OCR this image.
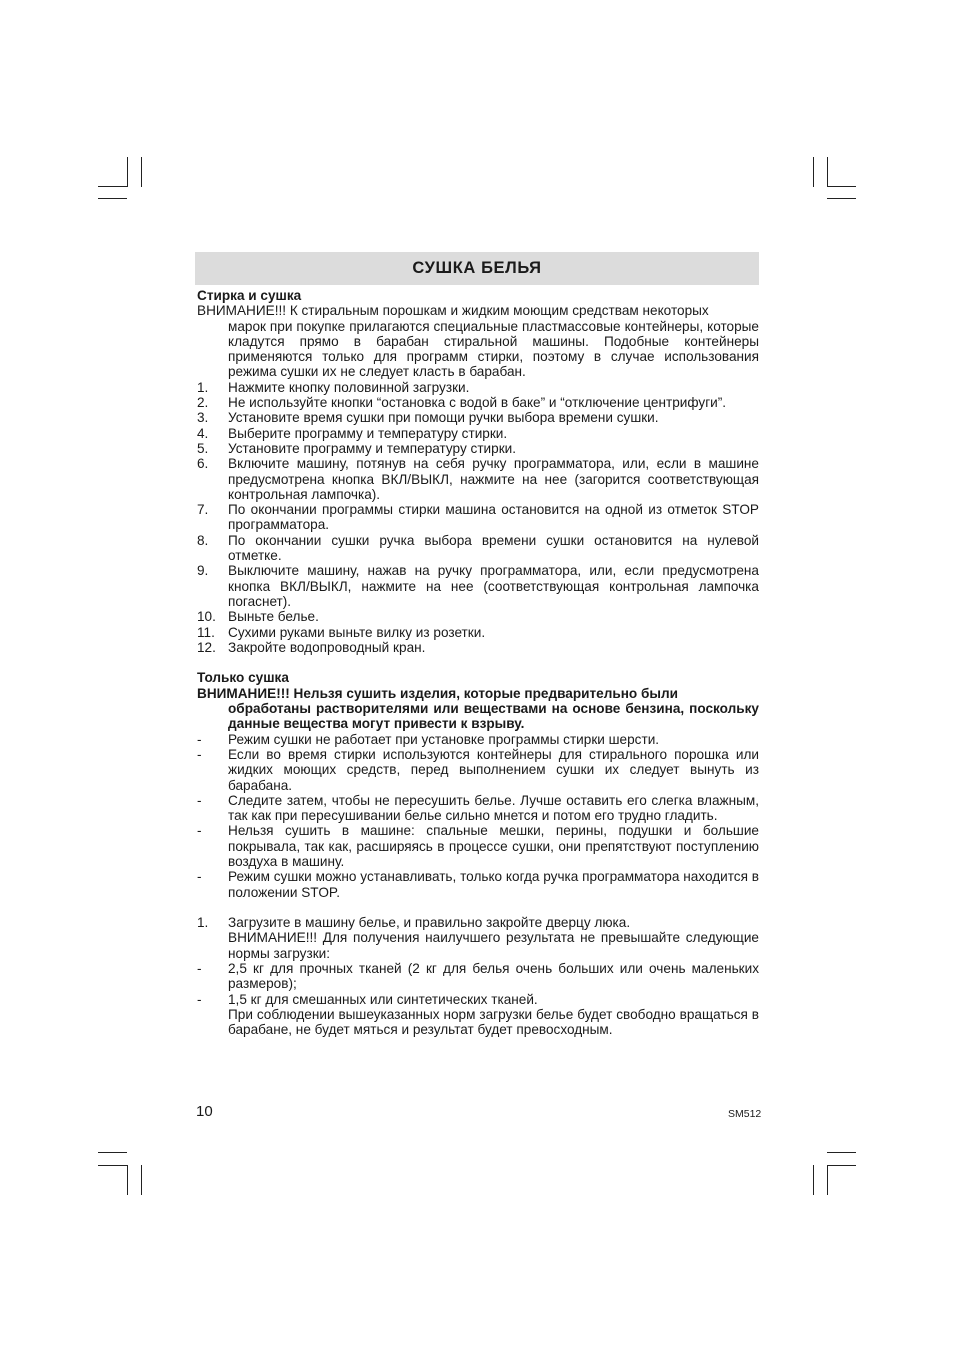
СУШКА БЕЛЬЯ
Стирка и сушка
ВНИМАНИЕ!!! К стиральным порошкам и жидким моющим средствам некоторых
марок при покупке прилагаются специальные пластмассовые контейнеры, которые кладутся прямо в барабан стиральной машины. Подобные контейнеры применяются только для программ стирки, поэтому в случае использования режима сушки их не следует класть в барабан.
1.	Нажмите кнопку половинной загрузки.
2.	Не используйте кнопки “остановка с водой в баке” и “отключение центрифуги”.
3.	Установите время сушки при помощи ручки выбора времени сушки.
4.	Выберите программу и температуру стирки.
5.	Установите программу и температуру стирки.
6.	Включите машину, потянув на себя ручку программатора, или, если в машине предусмотрена кнопка ВКЛ/ВЫКЛ, нажмите на нее (загорится соответствующая контрольная лампочка).
7.	По окончании программы стирки машина остановится на одной из отметок STOP программатора.
8.	По окончании сушки ручка выбора времени сушки остановится на нулевой отметке.
9.	Выключите машину, нажав на ручку программатора, или, если предусмотрена кнопка ВКЛ/ВЫКЛ, нажмите на нее (соответствующая контрольная лампочка погаснет).
10. Выньте белье.
11. Сухими руками выньте вилку из розетки.
12. Закройте водопроводный кран.
Только сушка
ВНИМАНИЕ!!! Нельзя сушить изделия, которые предварительно были
обработаны растворителями или веществами на основе бензина, поскольку данные вещества могут привести к взрыву.
-	Режим сушки не работает при установке программы стирки шерсти.
-	Если во время стирки используются контейнеры для стирального порошка или жидких моющих средств, перед выполнением сушки их следует вынуть из барабана.
-	Следите затем, чтобы не пересушить белье. Лучше оставить его слегка влажным, так как при пересушивании белье сильно мнется и потом его трудно гладить.
-	Нельзя сушить в машине: спальные мешки, перины, подушки и большие покрывала, так как, расширяясь в процессе сушки, они препятствуют поступлению воздуха в машину.
-	Режим сушки можно устанавливать, только когда ручка программатора находится в положении STOP.
1.	Загрузите в машину белье, и правильно закройте дверцу люка.
ВНИМАНИЕ!!! Для получения наилучшего результата не превышайте следующие нормы загрузки:
-	2,5 кг для прочных тканей (2 кг для белья очень больших или очень маленьких размеров);
-	1,5 кг для смешанных или синтетических тканей.
При соблюдении вышеуказанных норм загрузки белье будет свободно вращаться в барабане, не будет мяться и результат будет превосходным.
10	SM512
